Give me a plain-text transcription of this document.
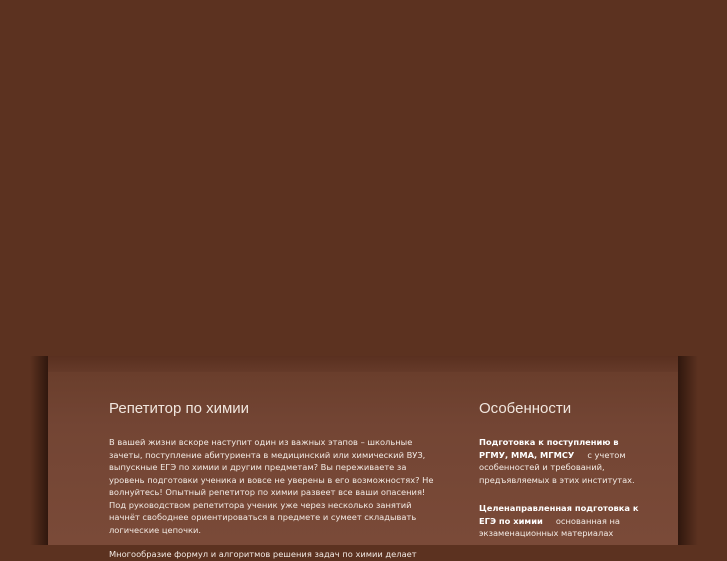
Репетитор по химии

В вашей жизни вскоре наступит один из важных этапов – школьные зачеты, поступление абитуриента в медицинский или химический ВУЗ, выпускные ЕГЭ по химии и другим предметам? Вы переживаете за уровень подготовки ученика и вовсе не уверены в его возможностях? Не волнуйтесь! Опытный репетитор по химии развеет все ваши опасения! Под руководством репетитора ученик уже через несколько занятий начнёт свободнее ориентироваться в предмете и сумеет складывать логические цепочки.

Многообразие формул и алгоритмов решения задач по химии делает

Особенности

Подготовка к поступлению в РГМУ, ММА, МГМСУ с учетом особенностей и требований, предъявляемых в этих институтах.

Целенаправленная подготовка к ЕГЭ по химии основанная на экзаменационных материалах
